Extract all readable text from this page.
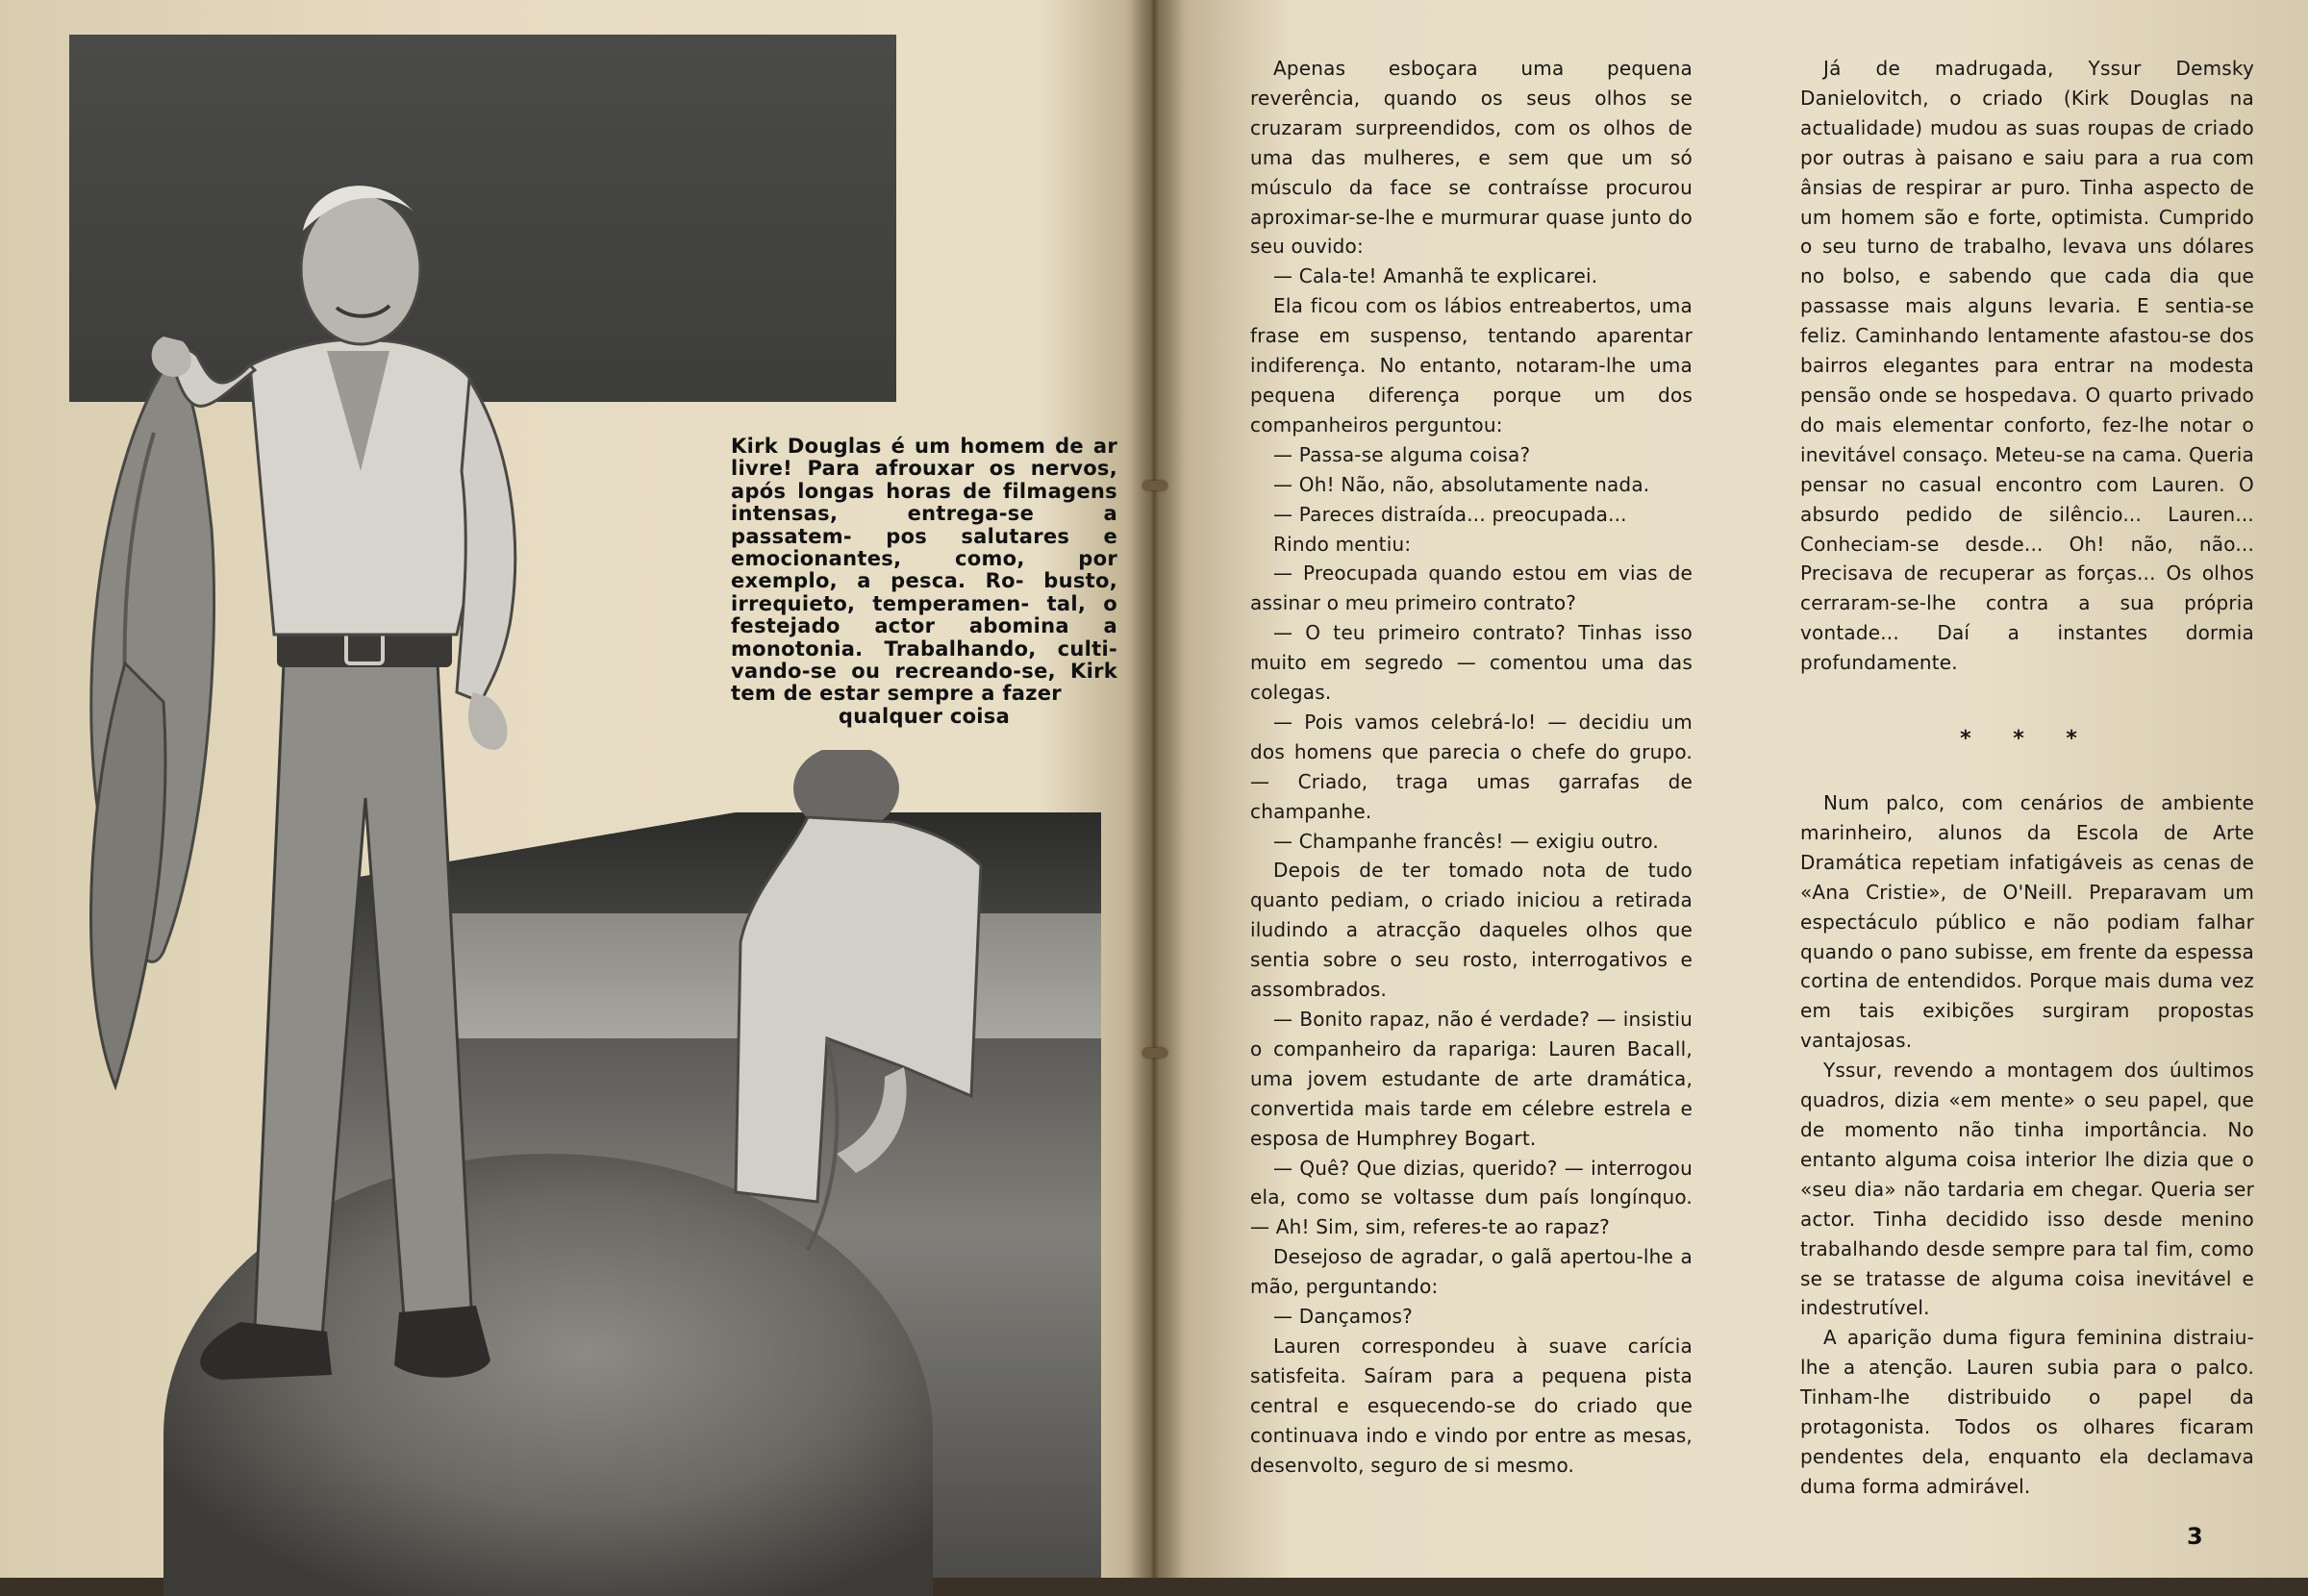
Kirk Douglas é um homem de ar livre! Para afrouxar os nervos, após longas horas de filmagens intensas, entrega-se a passatem- pos salutares e emocionantes,	como, por exemplo, a pesca. Ro- busto, irrequieto, temperamen- tal, o festejado actor abomina a monotonia. Trabalhando, culti- vando-se ou recreando-se, Kirk tem de estar sempre a fazer
qualquer coisa

Apenas esboçara uma pequena reverência, quando os seus olhos se cruzaram surpreendidos, com os olhos de uma das mulheres, e sem que um só músculo da face se contraísse procurou aproximar-se-lhe e murmurar quase junto do seu ouvido:

— Cala-te! Amanhã te explicarei.

Ela ficou com os lábios entreabertos, uma frase em suspenso, tentando aparentar indiferença. No entanto, notaram-lhe uma pequena diferença porque um dos companheiros perguntou:

— Passa-se alguma coisa?

— Oh! Não, não, absolutamente nada.

— Pareces distraída... preocupada...

Rindo mentiu:

— Preocupada quando estou em vias de assinar o meu primeiro contrato?

— O teu primeiro contrato? Tinhas isso muito em segredo — comentou uma das colegas.

— Pois vamos celebrá-lo! — decidiu um dos homens que parecia o chefe do grupo. — Criado, traga umas garrafas de champanhe.

— Champanhe francês! — exigiu outro.

Depois de ter tomado nota de tudo quanto pediam, o criado iniciou a retirada iludindo a atracção daqueles olhos que sentia sobre o seu rosto, interrogativos e assombrados.

— Bonito rapaz, não é verdade? — insistiu o companheiro da rapariga: Lauren Bacall, uma jovem estudante de arte dramática, convertida mais tarde em célebre estrela e esposa de Humphrey Bogart.

— Quê? Que dizias, querido? — interrogou ela, como se voltasse dum país longínquo. — Ah! Sim, sim, referes-te ao rapaz?

Desejoso de agradar, o galã apertou-lhe a mão, perguntando:

— Dançamos?

Lauren correspondeu à suave carícia satisfeita. Saíram para a pequena pista central e esquecendo-se do criado que continuava indo e vindo por entre as mesas, desenvolto, seguro de si mesmo.

Já de madrugada, Yssur Demsky Danielovitch, o criado (Kirk Douglas na actualidade) mudou as suas roupas de criado por outras à paisano e saiu para a rua com ânsias de respirar ar puro. Tinha aspecto de um homem são e forte, optimista. Cumprido o seu turno de trabalho, levava uns dólares no bolso, e sabendo que cada dia que passasse mais alguns levaria. E sentia-se feliz. Caminhando lentamente afastou-se dos bairros elegantes para entrar na modesta pensão onde se hospedava. O quarto privado do mais elementar conforto, fez-lhe notar o inevitável consaço. Meteu-se na cama. Queria pensar no casual encontro com Lauren. O absurdo pedido de silêncio... Lauren... Conheciam-se desde... Oh! não, não... Precisava de recuperar as forças... Os olhos cerraram-se-lhe contra a sua própria vontade... Daí a instantes dormia profundamente.

* * *

Num palco, com cenários de ambiente marinheiro, alunos da Escola de Arte Dramática repetiam infatigáveis as cenas de «Ana Cristie», de O'Neill. Preparavam um espectáculo público e não podiam falhar quando o pano subisse, em frente da espessa cortina de entendidos. Porque mais duma vez em tais exibições surgiram propostas vantajosas.

Yssur, revendo a montagem dos úultimos quadros, dizia «em mente» o seu papel, que de momento não tinha importância. No entanto alguma coisa interior lhe dizia que o «seu dia» não tardaria em chegar. Queria ser actor. Tinha decidido isso desde menino trabalhando desde sempre para tal fim, como se se tratasse de alguma coisa inevitável e indestrutível.

A aparição duma figura feminina distraiu-lhe a atenção. Lauren subia para o palco. Tinham-lhe distribuido o papel da protagonista. Todos os olhares ficaram pendentes dela, enquanto ela declamava duma forma admirável.

3
